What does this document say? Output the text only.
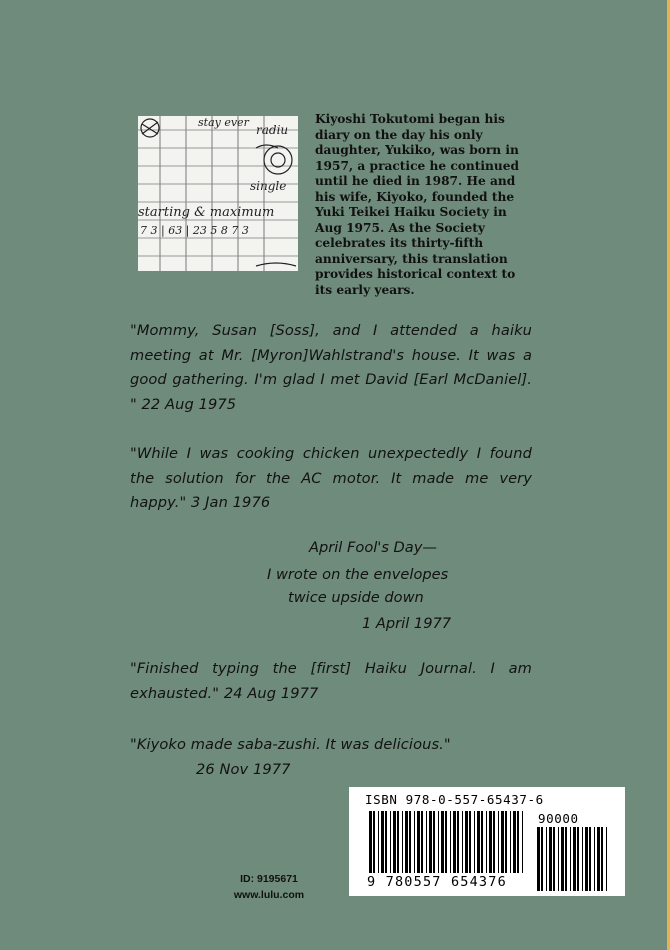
stay ever
radiu
single
starting & maximum
7 3 | 63 | 23 5 8 7 3
Kiyoshi Tokutomi began his diary on the day his only daughter, Yukiko, was born in 1957, a practice he continued until he died in 1987. He and his wife, Kiyoko, founded the Yuki Teikei Haiku Society in Aug 1975. As the Society celebrates its thirty-fifth anniversary, this translation provides historical context to its early years.
"Mommy, Susan [Soss], and I attended a haiku meeting at Mr. [Myron]Wahlstrand's house. It was a good gathering. I'm glad I met David [Earl McDaniel]. " 22 Aug 1975
"While I was cooking chicken unexpectedly I found the solution for the AC motor. It made me very happy." 3 Jan 1976
April Fool's Day—
I wrote on the envelopes
twice upside down
1 April 1977
"Finished typing the [first] Haiku Journal. I am exhausted." 24 Aug 1977
"Kiyoko made saba-zushi. It was delicious."
26 Nov 1977
ISBN 978-0-557-65437-6
90000
9 780557 654376
ID: 9195671
www.lulu.com
